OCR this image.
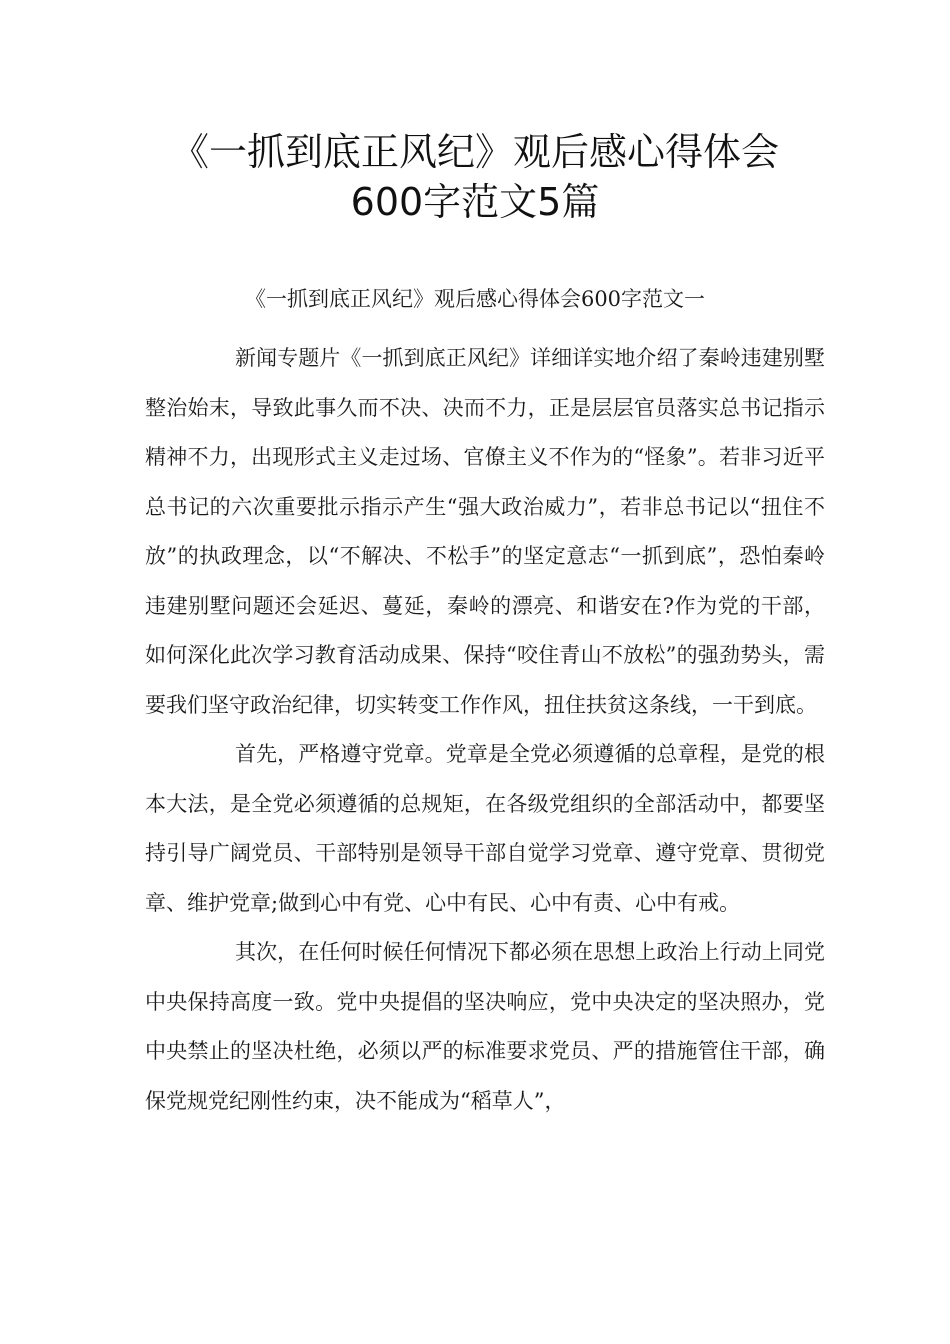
《一抓到底正风纪》观后感心得体会
600字范文5篇
《一抓到底正风纪》观后感心得体会600字范文一

新闻专题片《一抓到底正风纪》详细详实地介绍了秦岭违建别墅整治始末，导致此事久而不决、决而不力，正是层层官员落实总书记指示精神不力，出现形式主义走过场、官僚主义不作为的“怪象”。若非习近平总书记的六次重要批示指示产生“强大政治威力”，若非总书记以“扭住不放”的执政理念，以“不解决、不松手”的坚定意志“一抓到底”，恐怕秦岭违建别墅问题还会延迟、蔓延，秦岭的漂亮、和谐安在?作为党的干部，如何深化此次学习教育活动成果、保持“咬住青山不放松”的强劲势头，需要我们坚守政治纪律，切实转变工作作风，扭住扶贫这条线，一干到底。

首先，严格遵守党章。党章是全党必须遵循的总章程，是党的根本大法，是全党必须遵循的总规矩，在各级党组织的全部活动中，都要坚持引导广阔党员、干部特别是领导干部自觉学习党章、遵守党章、贯彻党章、维护党章;做到心中有党、心中有民、心中有责、心中有戒。

其次，在任何时候任何情况下都必须在思想上政治上行动上同党中央保持高度一致。党中央提倡的坚决响应，党中央决定的坚决照办，党中央禁止的坚决杜绝，必须以严的标准要求党员、严的措施管住干部，确保党规党纪刚性约束，决不能成为“稻草人”，
